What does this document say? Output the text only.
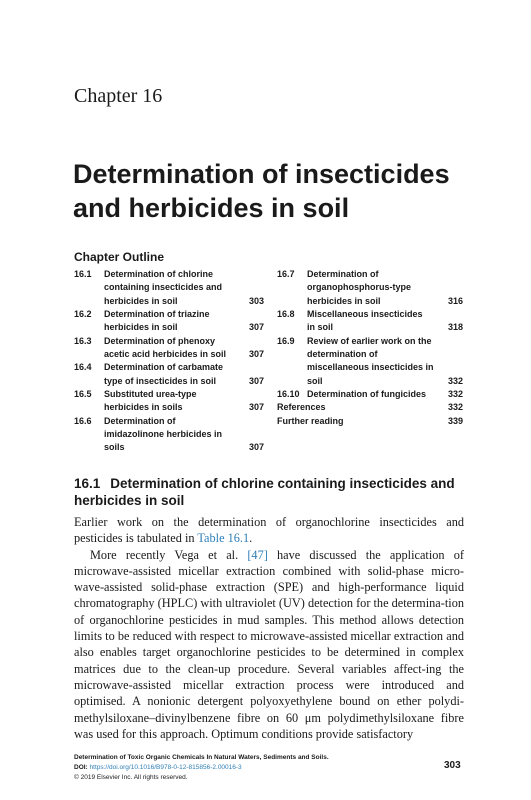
Chapter 16
Determination of insecticides and herbicides in soil
Chapter Outline
16.1	Determination of chlorine containing insecticides and herbicides in soil	303
16.2	Determination of triazine herbicides in soil	307
16.3	Determination of phenoxy acetic acid herbicides in soil	307
16.4	Determination of carbamate type of insecticides in soil	307
16.5	Substituted urea-type herbicides in soils	307
16.6	Determination of imidazolinone herbicides in soils	307
16.7	Determination of organophosphorus-type herbicides in soil	316
16.8	Miscellaneous insecticides in soil	318
16.9	Review of earlier work on the determination of miscellaneous insecticides in soil	332
16.10 Determination of fungicides	332
References	332
Further reading	339
16.1 Determination of chlorine containing insecticides and herbicides in soil

Earlier work on the determination of organochlorine insecticides and pesticides is tabulated in Table 16.1.

More recently Vega et al. [47] have discussed the application of microwave-assisted micellar extraction combined with solid-phase micro-wave-assisted solid-phase extraction (SPE) and high-performance liquid chromatography (HPLC) with ultraviolet (UV) detection for the determina-tion of organochlorine pesticides in mud samples. This method allows detection limits to be reduced with respect to microwave-assisted micellar extraction and also enables target organochlorine pesticides to be determined in complex matrices due to the clean-up procedure. Several variables affect-ing the microwave-assisted micellar extraction process were introduced and optimised. A nonionic detergent polyoxyethylene bound on ether polydi-methylsiloxane–divinylbenzene fibre on 60 μm polydimethylsiloxane fibre was used for this approach. Optimum conditions provide satisfactory

Determination of Toxic Organic Chemicals In Natural Waters, Sediments and Soils.
DOI: https://doi.org/10.1016/B978-0-12-815856-2.00016-3
© 2019 Elsevier Inc. All rights reserved.
303
